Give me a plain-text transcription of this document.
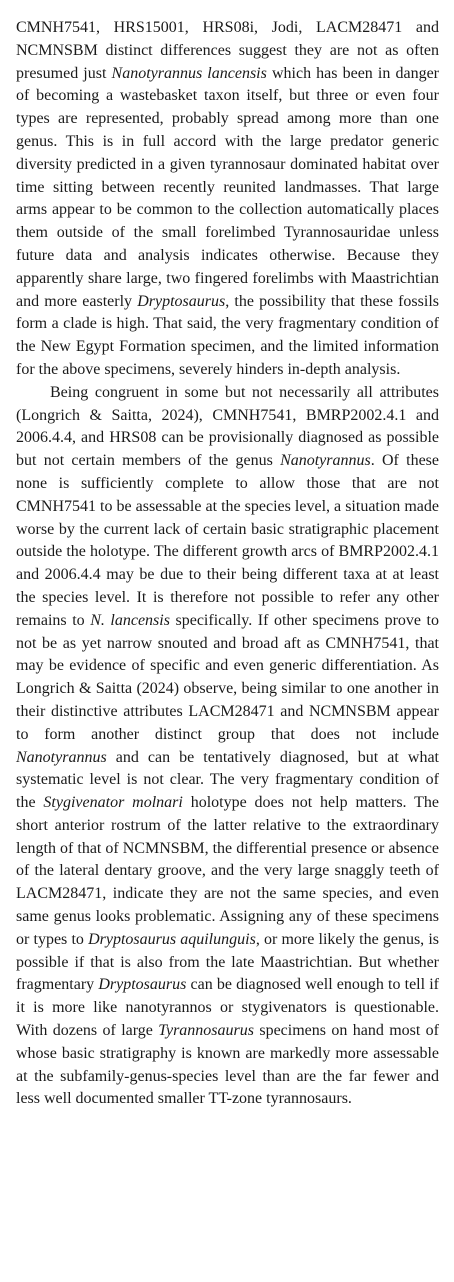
CMNH7541, HRS15001, HRS08i, Jodi, LACM28471 and NCMNSBM distinct differences suggest they are not as often presumed just Nanotyrannus lancensis which has been in danger of becoming a wastebasket taxon itself, but three or even four types are represented, probably spread among more than one genus. This is in full accord with the large predator generic diversity predicted in a given tyrannosaur dominated habitat over time sitting between recently reunited landmasses. That large arms appear to be common to the collection automatically places them outside of the small forelimbed Tyrannosauridae unless future data and analysis indicates otherwise. Because they apparently share large, two fingered forelimbs with Maastrichtian and more easterly Dryptosaurus, the possibility that these fossils form a clade is high. That said, the very fragmentary condition of the New Egypt Formation specimen, and the limited information for the above specimens, severely hinders in-depth analysis.

Being congruent in some but not necessarily all attributes (Longrich & Saitta, 2024), CMNH7541, BMRP2002.4.1 and 2006.4.4, and HRS08 can be provisionally diagnosed as possible but not certain members of the genus Nanotyrannus. Of these none is sufficiently complete to allow those that are not CMNH7541 to be assessable at the species level, a situation made worse by the current lack of certain basic stratigraphic placement outside the holotype. The different growth arcs of BMRP2002.4.1 and 2006.4.4 may be due to their being different taxa at at least the species level. It is therefore not possible to refer any other remains to N. lancensis specifically. If other specimens prove to not be as yet narrow snouted and broad aft as CMNH7541, that may be evidence of specific and even generic differentiation. As Longrich & Saitta (2024) observe, being similar to one another in their distinctive attributes LACM28471 and NCMNSBM appear to form another distinct group that does not include Nanotyrannus and can be tentatively diagnosed, but at what systematic level is not clear. The very fragmentary condition of the Stygivenator molnari holotype does not help matters. The short anterior rostrum of the latter relative to the extraordinary length of that of NCMNSBM, the differential presence or absence of the lateral dentary groove, and the very large snaggly teeth of LACM28471, indicate they are not the same species, and even same genus looks problematic. Assigning any of these specimens or types to Dryptosaurus aquilunguis, or more likely the genus, is possible if that is also from the late Maastrichtian. But whether fragmentary Dryptosaurus can be diagnosed well enough to tell if it is more like nanotyrannos or stygivenators is questionable. With dozens of large Tyrannosaurus specimens on hand most of whose basic stratigraphy is known are markedly more assessable at the subfamily-genus-species level than are the far fewer and less well documented smaller TT-zone tyrannosaurs.
